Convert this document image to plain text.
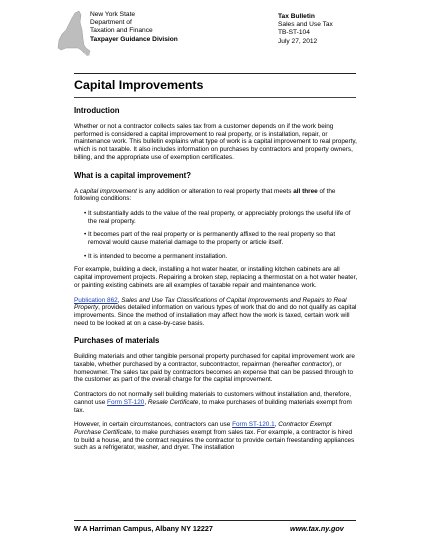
New York State
Department of
Taxation and Finance
Taxpayer Guidance Division
Tax Bulletin
Sales and Use Tax
TB-ST-104
July 27, 2012
Capital Improvements
Introduction

Whether or not a contractor collects sales tax from a customer depends on if the work being performed is considered a capital improvement to real property, or is installation, repair, or maintenance work. This bulletin explains what type of work is a capital improvement to real property, which is not taxable. It also includes information on purchases by contractors and property owners, billing, and the appropriate use of exemption certificates.

What is a capital improvement?

A capital improvement is any addition or alteration to real property that meets all three of the following conditions:

• It substantially adds to the value of the real property, or appreciably prolongs the useful life of the real property.
• It becomes part of the real property or is permanently affixed to the real property so that removal would cause material damage to the property or article itself.
• It is intended to become a permanent installation.

For example, building a deck, installing a hot water heater, or installing kitchen cabinets are all capital improvement projects. Repairing a broken step, replacing a thermostat on a hot water heater, or painting existing cabinets are all examples of taxable repair and maintenance work.

Publication 862, Sales and Use Tax Classifications of Capital Improvements and Repairs to Real Property, provides detailed information on various types of work that do and do not qualify as capital improvements. Since the method of installation may affect how the work is taxed, certain work will need to be looked at on a case-by-case basis.

Purchases of materials

Building materials and other tangible personal property purchased for capital improvement work are taxable, whether purchased by a contractor, subcontractor, repairman (hereafter contractor), or homeowner. The sales tax paid by contractors becomes an expense that can be passed through to the customer as part of the overall charge for the capital improvement.

Contractors do not normally sell building materials to customers without installation and, therefore, cannot use Form ST-120, Resale Certificate, to make purchases of building materials exempt from tax.

However, in certain circumstances, contractors can use Form ST-120.1, Contractor Exempt Purchase Certificate, to make purchases exempt from sales tax. For example, a contractor is hired to build a house, and the contract requires the contractor to provide certain freestanding appliances such as a refrigerator, washer, and dryer. The installation

W A Harriman Campus, Albany NY 12227	www.tax.ny.gov
